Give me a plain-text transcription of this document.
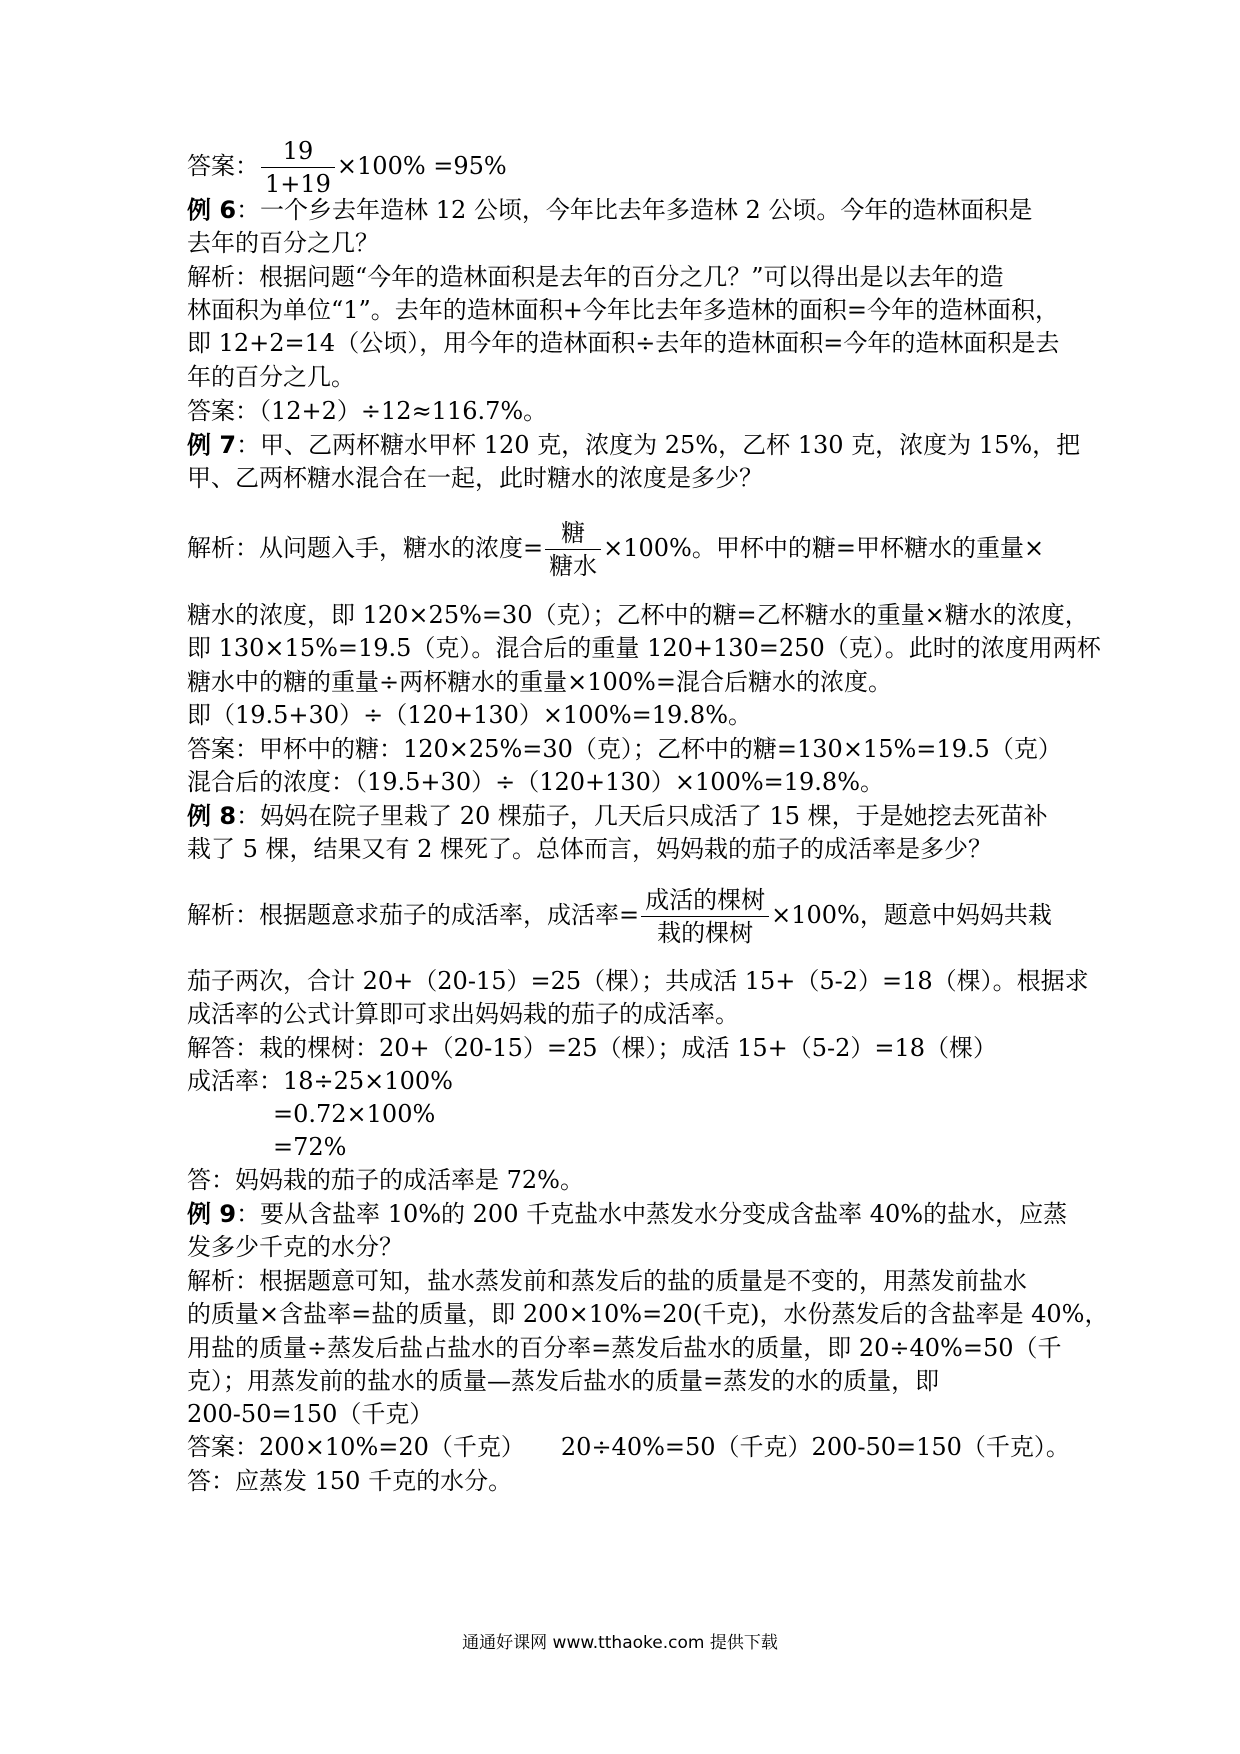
答案： $\frac{19}{1+19} \times 100\% =95\%$
例 6：一个乡去年造林 12 公顷，今年比去年多造林 2 公顷。今年的造林面积是
去年的百分之几？
解析：根据问题“今年的造林面积是去年的百分之几？”可以得出是以去年的造
林面积为单位“1”。去年的造林面积+今年比去年多造林的面积=今年的造林面积，
即 12+2=14（公顷），用今年的造林面积÷去年的造林面积=今年的造林面积是去
年的百分之几。
答案：（12+2）÷12≈116.7%。
例 7：甲、乙两杯糖水甲杯 120 克，浓度为 25%，乙杯 130 克，浓度为 15%，把
甲、乙两杯糖水混合在一起，此时糖水的浓度是多少？
解析：从问题入手，糖水的浓度= $\frac{\text{糖}}{\text{糖水}} \times 100\%$。甲杯中的糖=甲杯糖水的重量×
糖水的浓度，即 120×25%=30（克）；乙杯中的糖=乙杯糖水的重量×糖水的浓度，
即 130×15%=19.5（克）。混合后的重量 120+130=250（克）。此时的浓度用两杯
糖水中的糖的重量÷两杯糖水的重量×100%=混合后糖水的浓度。
即（19.5+30）÷（120+130）×100%=19.8%。
答案：甲杯中的糖：120×25%=30（克）；乙杯中的糖=130×15%=19.5（克）
混合后的浓度：（19.5+30）÷（120+130）×100%=19.8%。
例 8：妈妈在院子里栽了 20 棵茄子，几天后只成活了 15 棵，于是她挖去死苗补
栽了 5 棵，结果又有 2 棵死了。总体而言，妈妈栽的茄子的成活率是多少？
解析：根据题意求茄子的成活率，成活率= $\frac{\text{成活的棵树}}{\text{栽的棵树}} \times 100\%$，题意中妈妈共栽
茄子两次，合计 20+（20-15）=25（棵）；共成活 15+（5-2）=18（棵）。根据求
成活率的公式计算即可求出妈妈栽的茄子的成活率。
解答：栽的棵树：20+（20-15）=25（棵）；成活 15+（5-2）=18（棵）
成活率：18÷25×100%
=0.72×100%
=72%
答：妈妈栽的茄子的成活率是 72%。
例 9：要从含盐率 10%的 200 千克盐水中蒸发水分变成含盐率 40%的盐水，应蒸
发多少千克的水分？
解析：根据题意可知，盐水蒸发前和蒸发后的盐的质量是不变的，用蒸发前盐水
的质量×含盐率=盐的质量，即 200×10%=20(千克)，水份蒸发后的含盐率是 40%，
用盐的质量÷蒸发后盐占盐水的百分率=蒸发后盐水的质量，即 20÷40%=50（千
克）；用蒸发前的盐水的质量—蒸发后盐水的质量=蒸发的水的质量，即
200-50=150（千克）
答案：200×10%=20（千克）　　20÷40%=50（千克）200-50=150（千克）。
答：应蒸发 150 千克的水分。
通通好课网 www.tthaoke.com 提供下载
